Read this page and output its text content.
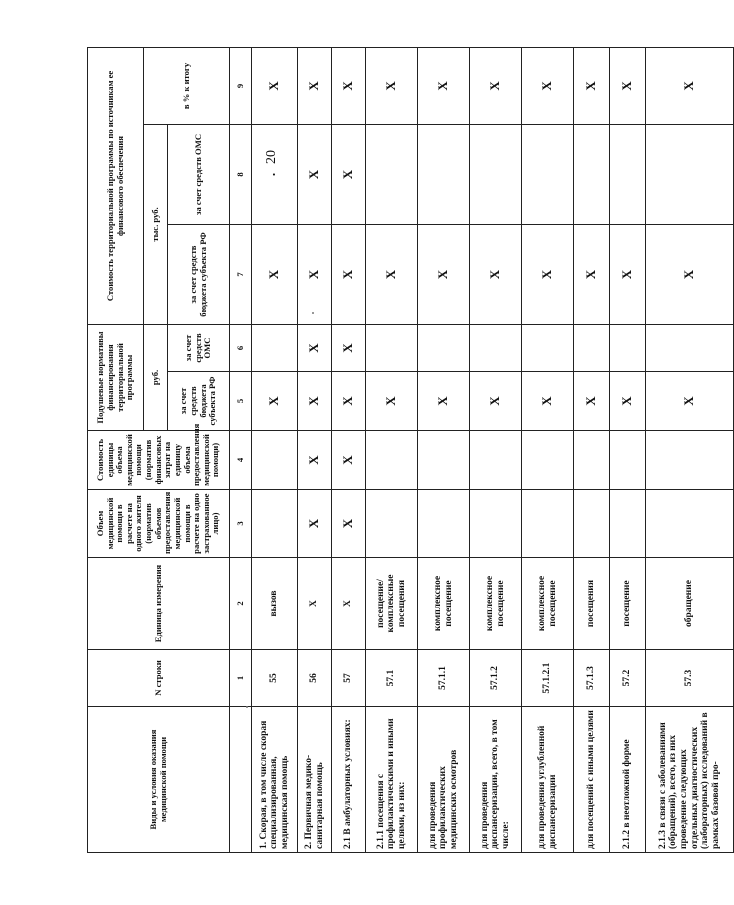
20
Виды и условия оказания медицинской помощи	N строки	Единица измерения	Объем медицинской помощи в расчете на одного жителя (норматив объемов предоставления медицинской помощи в расчете на одно застрахованное лицо)	Стоимость единицы объема медицинской помощи (норматив финансовых затрат на единицу объема предоставления медицинской помощи)	Подушевые нормативы финансирования территориальной программы		Стоимость территориальной программы по источникам ее финансового обеспечения		
					руб.		тыс. руб.		в % к итогу
					за счет средств бюджета субъекта РФ	за счет средств ОМС	за счет средств бюджета субъекта РФ	за счет средств ОМС	
	1	2	3	4	5	6	7	8	9
1. Скорая, в том числе скорая специализированная, медицинская помощь	55	вызов			X		X	·	X
2. Первичная медико-санитарная помощь	56	X	X	X	X	X	X	X	X
2.1 В амбулаторных условиях:	57	X	X	X	X	X	X	X	X
2.1.1 посещения с профилактическими и иными целями, из них:	57.1	посещение/комплексные посещения			X		X		X
для проведения профилактических медицинских осмотров	57.1.1	комплексное посещение			X		X		X
для проведения диспансеризации, всего, в том числе:	57.1.2	комплексное посещение			X		X		X
для проведения углубленной диспансеризации	57.1.2.1	комплексное посещение			X		X		X
для посещений с иными целями	57.1.3	посещения			X		X		X
2.1.2 в неотложной форме	57.2	посещение			X		X		X
2.1.3 в связи с заболеваниями (обращений), всего, из них проведение следующих отдельных диагностических (лабораторных) исследований в рамках базовой про-	57.3	обращение			X		X		X
